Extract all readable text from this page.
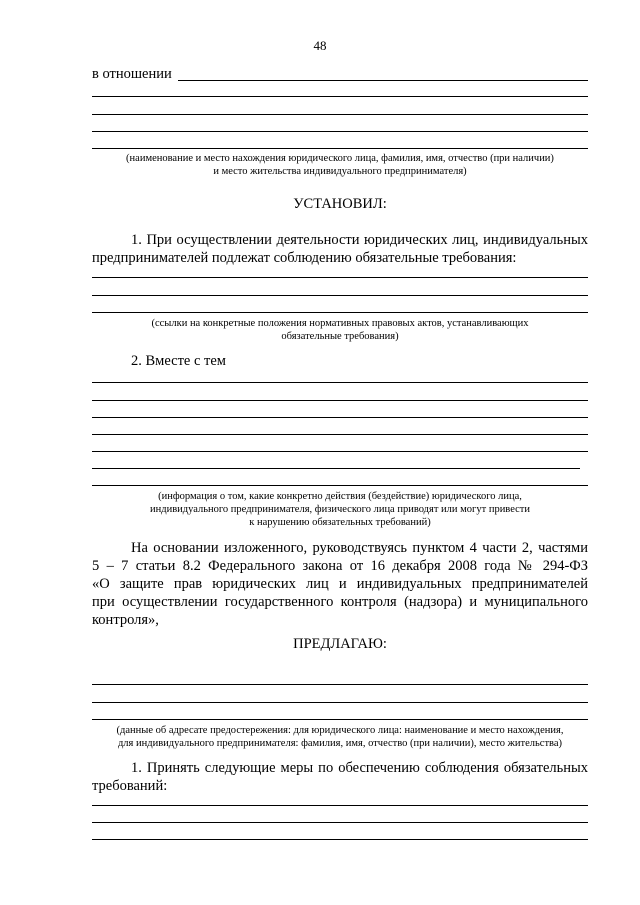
48
в отношении
(наименование и место нахождения юридического лица, фамилия, имя, отчество (при наличии)
и место жительства индивидуального предпринимателя)
УСТАНОВИЛ:
1. При осуществлении деятельности юридических лиц, индивидуальных
предпринимателей подлежат соблюдению обязательные требования:
(ссылки на конкретные положения нормативных правовых актов, устанавливающих
обязательные требования)
2. Вместе с тем
(информация о том, какие конкретно действия (бездействие) юридического лица,
индивидуального предпринимателя, физического лица приводят или могут привести
к нарушению обязательных требований)
На основании изложенного, руководствуясь пунктом 4 части 2, частями
5 – 7 статьи 8.2 Федерального закона от 16 декабря 2008 года № 294-ФЗ
«О защите прав юридических лиц и индивидуальных предпринимателей
при осуществлении государственного контроля (надзора) и муниципального
контроля»,
ПРЕДЛАГАЮ:
(данные об адресате предостережения: для юридического лица: наименование и место нахождения,
для индивидуального предпринимателя: фамилия, имя, отчество (при наличии), место жительства)
1. Принять следующие меры по обеспечению соблюдения обязательных
требований:
